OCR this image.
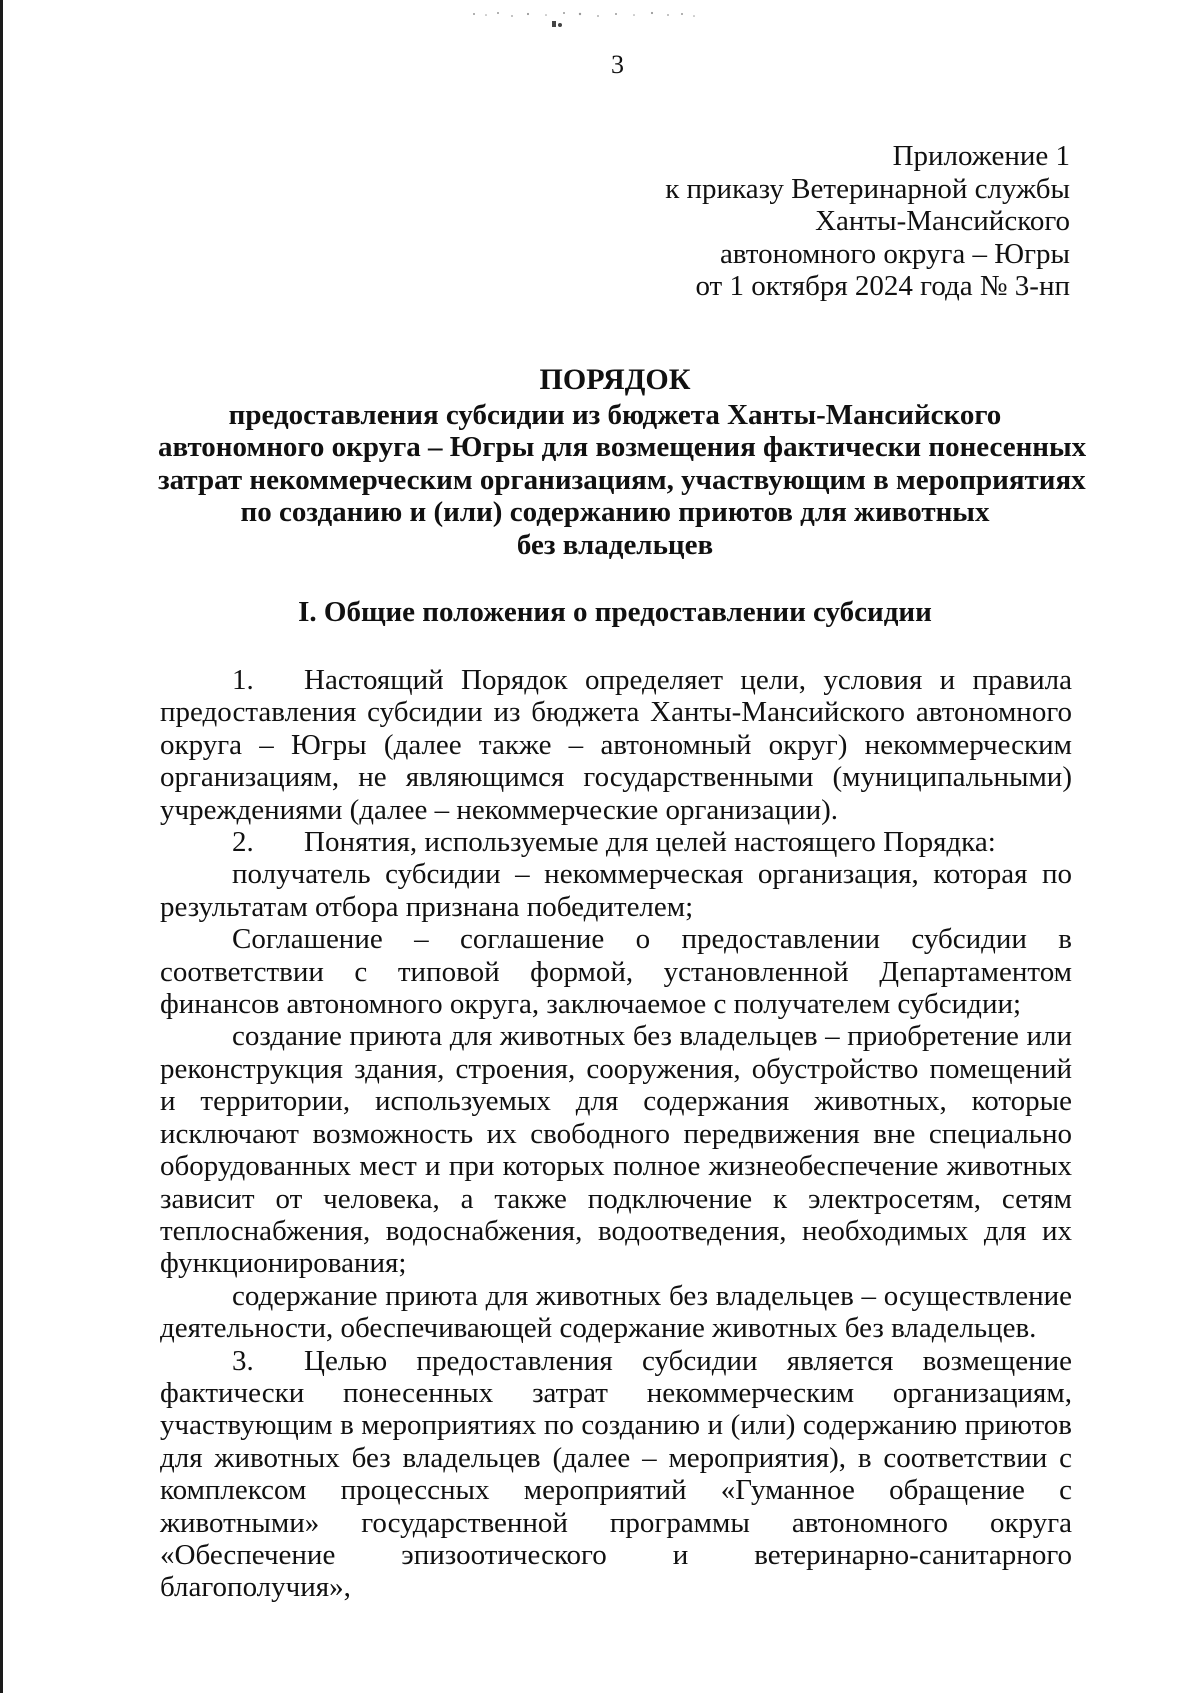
3
Приложение 1
к приказу Ветеринарной службы
Ханты-Мансийского
автономного округа – Югры
от 1 октября 2024 года № 3-нп
ПОРЯДОК
предоставления субсидии из бюджета Ханты-Мансийского
автономного округа – Югры для возмещения фактически понесенных
затрат некоммерческим организациям, участвующим в мероприятиях
по созданию и (или) содержанию приютов для животных
без владельцев
I. Общие положения о предоставлении субсидии

1. Настоящий Порядок определяет цели, условия и правила предоставления субсидии из бюджета Ханты-Мансийского автономного округа – Югры (далее также – автономный округ) некоммерческим организациям, не являющимся государственными (муниципальными) учреждениями (далее – некоммерческие организации).

2. Понятия, используемые для целей настоящего Порядка:

получатель субсидии – некоммерческая организация, которая по результатам отбора признана победителем;

Соглашение – соглашение о предоставлении субсидии в соответствии с типовой формой, установленной Департаментом финансов автономного округа, заключаемое с получателем субсидии;

создание приюта для животных без владельцев – приобретение или реконструкция здания, строения, сооружения, обустройство помещений и территории, используемых для содержания животных, которые исключают возможность их свободного передвижения вне специально оборудованных мест и при которых полное жизнеобеспечение животных зависит от человека, а также подключение к электросетям, сетям теплоснабжения, водоснабжения, водоотведения, необходимых для их функционирования;

содержание приюта для животных без владельцев – осуществление деятельности, обеспечивающей содержание животных без владельцев.

3. Целью предоставления субсидии является возмещение фактически понесенных затрат некоммерческим организациям, участвующим в мероприятиях по созданию и (или) содержанию приютов для животных без владельцев (далее – мероприятия), в соответствии с комплексом процессных мероприятий «Гуманное обращение с животными» государственной программы автономного округа «Обеспечение эпизоотического и ветеринарно-санитарного благополучия»,
